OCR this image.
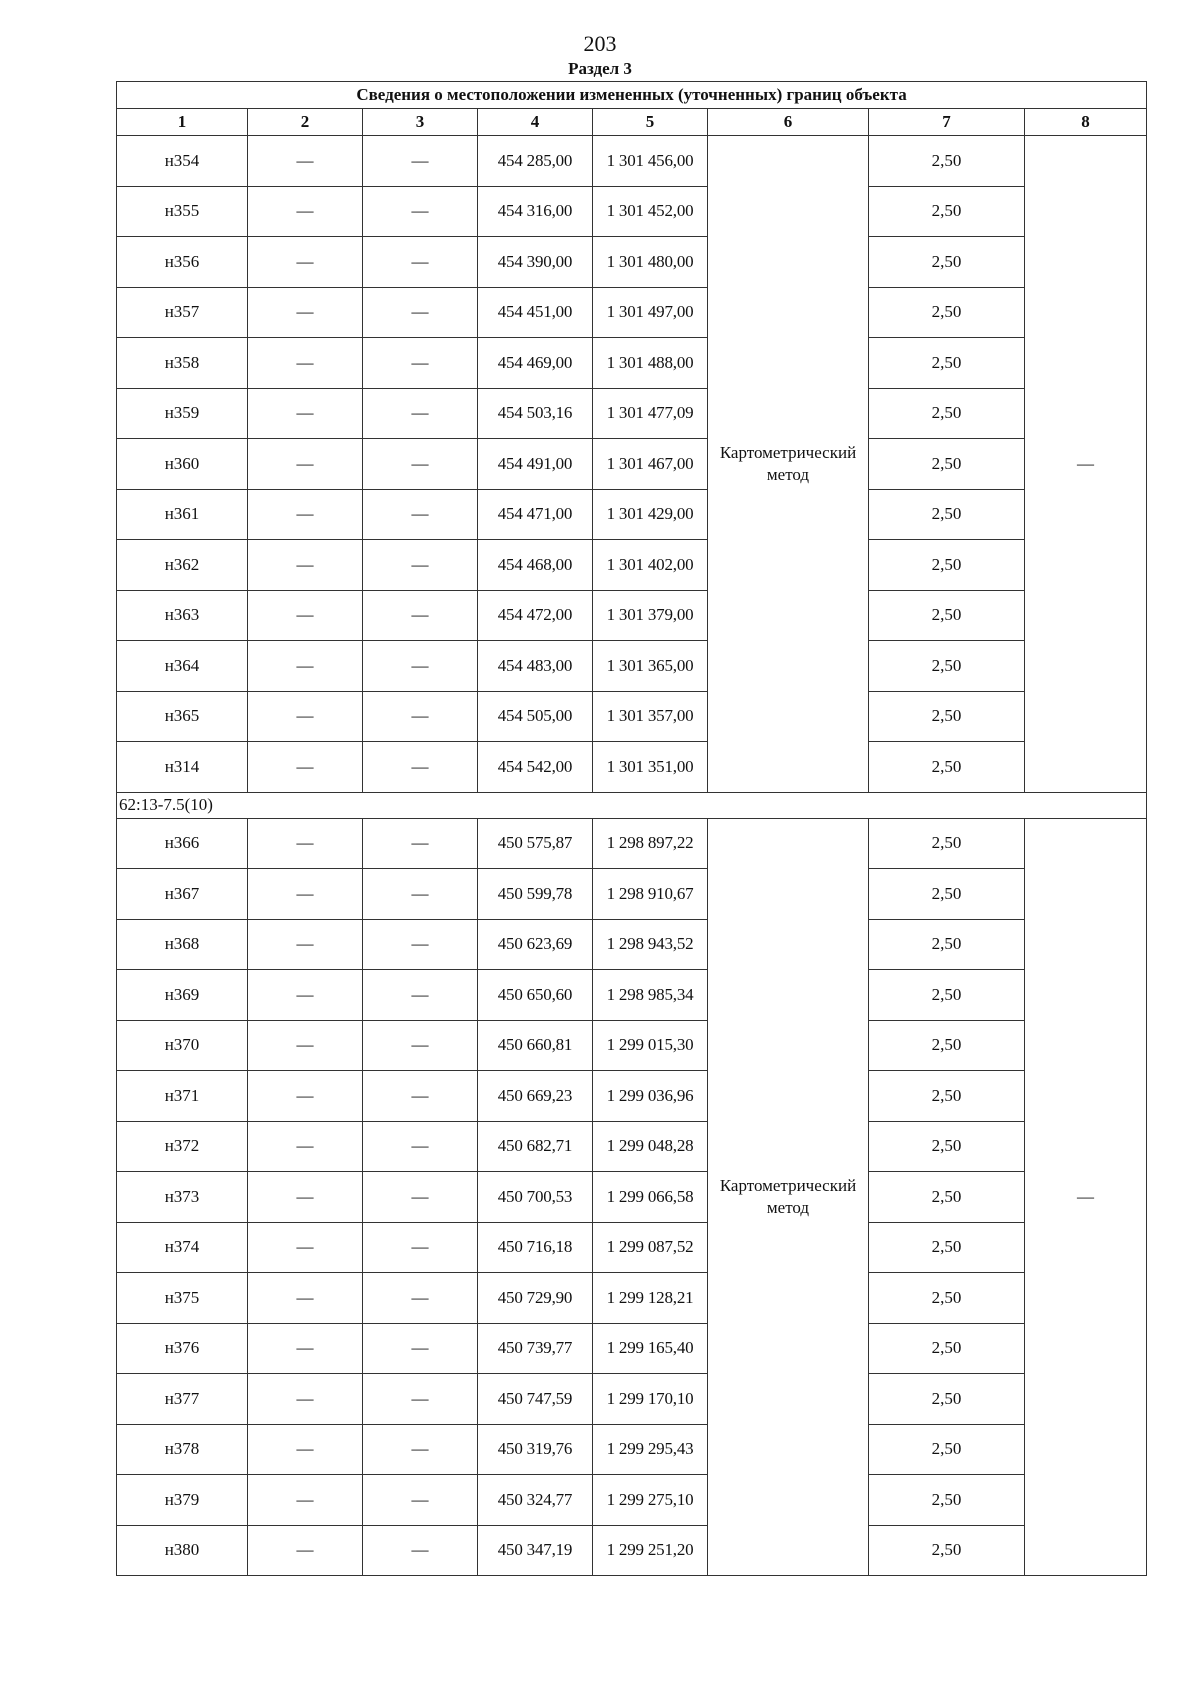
203
Раздел 3
Сведения о местоположении измененных (уточненных) границ объекта							
1	2	3	4	5	6	7	8
н354	—	—	454 285,00	1 301 456,00	Картометрический метод	2,50	—
н355	—	—	454 316,00	1 301 452,00		2,50	
н356	—	—	454 390,00	1 301 480,00		2,50	
н357	—	—	454 451,00	1 301 497,00		2,50	
н358	—	—	454 469,00	1 301 488,00		2,50	
н359	—	—	454 503,16	1 301 477,09		2,50	
н360	—	—	454 491,00	1 301 467,00		2,50	
н361	—	—	454 471,00	1 301 429,00		2,50	
н362	—	—	454 468,00	1 301 402,00		2,50	
н363	—	—	454 472,00	1 301 379,00		2,50	
н364	—	—	454 483,00	1 301 365,00		2,50	
н365	—	—	454 505,00	1 301 357,00		2,50	
н314	—	—	454 542,00	1 301 351,00		2,50	
62:13-7.5(10)							
н366	—	—	450 575,87	1 298 897,22	Картометрический метод	2,50	—
н367	—	—	450 599,78	1 298 910,67		2,50	
н368	—	—	450 623,69	1 298 943,52		2,50	
н369	—	—	450 650,60	1 298 985,34		2,50	
н370	—	—	450 660,81	1 299 015,30		2,50	
н371	—	—	450 669,23	1 299 036,96		2,50	
н372	—	—	450 682,71	1 299 048,28		2,50	
н373	—	—	450 700,53	1 299 066,58		2,50	
н374	—	—	450 716,18	1 299 087,52		2,50	
н375	—	—	450 729,90	1 299 128,21		2,50	
н376	—	—	450 739,77	1 299 165,40		2,50	
н377	—	—	450 747,59	1 299 170,10		2,50	
н378	—	—	450 319,76	1 299 295,43		2,50	
н379	—	—	450 324,77	1 299 275,10		2,50	
н380	—	—	450 347,19	1 299 251,20		2,50	
